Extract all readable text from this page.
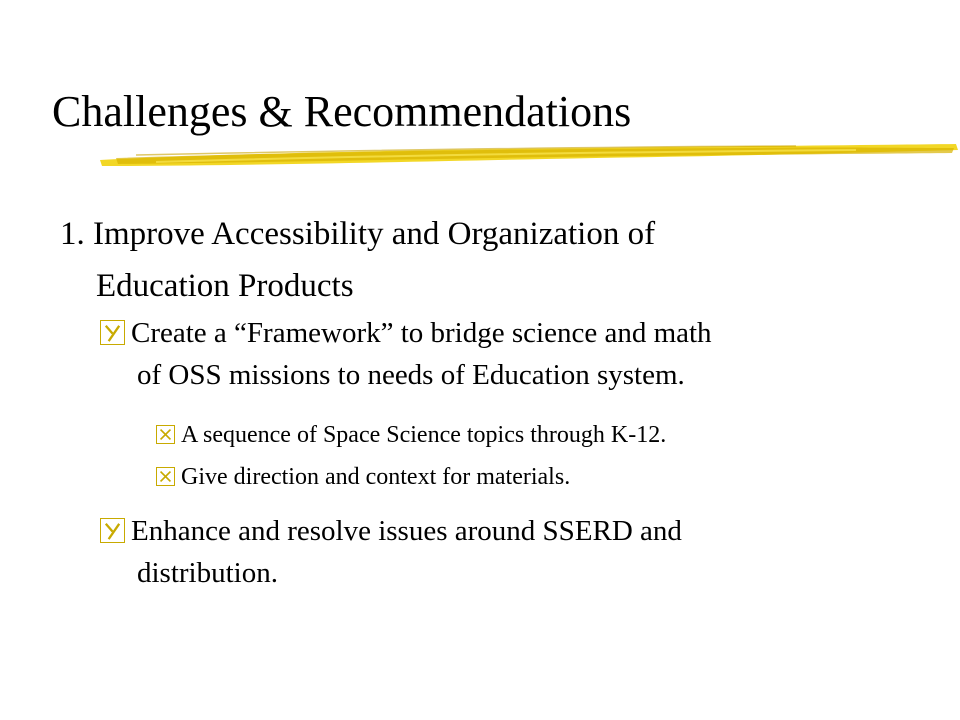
Challenges & Recommendations
1. Improve Accessibility and Organization of
Education Products
Create a “Framework” to bridge science and math
of OSS missions to needs of Education system.
A sequence of Space Science topics through K-12.
Give direction and context for materials.
Enhance and resolve issues around SSERD and
distribution.
